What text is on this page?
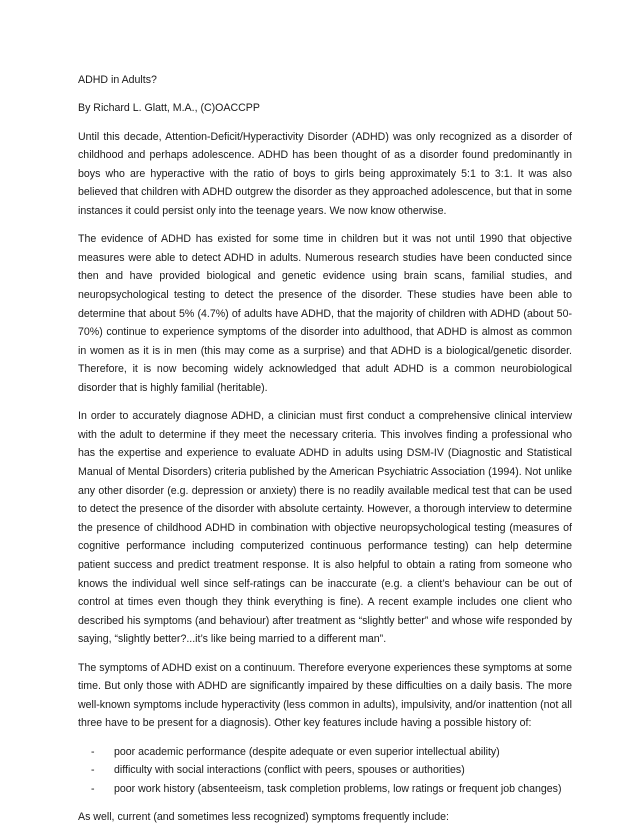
ADHD in Adults?

By Richard L. Glatt, M.A., (C)OACCPP

Until this decade, Attention-Deficit/Hyperactivity Disorder (ADHD) was only recognized as a disorder of childhood and perhaps adolescence. ADHD has been thought of as a disorder found predominantly in boys who are hyperactive with the ratio of boys to girls being approximately 5:1 to 3:1. It was also believed that children with ADHD outgrew the disorder as they approached adolescence, but that in some instances it could persist only into the teenage years. We now know otherwise.

The evidence of ADHD has existed for some time in children but it was not until 1990 that objective measures were able to detect ADHD in adults. Numerous research studies have been conducted since then and have provided biological and genetic evidence using brain scans, familial studies, and neuropsychological testing to detect the presence of the disorder. These studies have been able to determine that about 5% (4.7%) of adults have ADHD, that the majority of children with ADHD (about 50-70%) continue to experience symptoms of the disorder into adulthood, that ADHD is almost as common in women as it is in men (this may come as a surprise) and that ADHD is a biological/genetic disorder. Therefore, it is now becoming widely acknowledged that adult ADHD is a common neurobiological disorder that is highly familial (heritable).

In order to accurately diagnose ADHD, a clinician must first conduct a comprehensive clinical interview with the adult to determine if they meet the necessary criteria. This involves finding a professional who has the expertise and experience to evaluate ADHD in adults using DSM-IV (Diagnostic and Statistical Manual of Mental Disorders) criteria published by the American Psychiatric Association (1994). Not unlike any other disorder (e.g. depression or anxiety) there is no readily available medical test that can be used to detect the presence of the disorder with absolute certainty. However, a thorough interview to determine the presence of childhood ADHD in combination with objective neuropsychological testing (measures of cognitive performance including computerized continuous performance testing) can help determine patient success and predict treatment response. It is also helpful to obtain a rating from someone who knows the individual well since self-ratings can be inaccurate (e.g. a client’s behaviour can be out of control at times even though they think everything is fine). A recent example includes one client who described his symptoms (and behaviour) after treatment as “slightly better” and whose wife responded by saying, “slightly better?...it’s like being married to a different man”.

The symptoms of ADHD exist on a continuum. Therefore everyone experiences these symptoms at some time. But only those with ADHD are significantly impaired by these difficulties on a daily basis. The more well-known symptoms include hyperactivity (less common in adults), impulsivity, and/or inattention (not all three have to be present for a diagnosis). Other key features include having a possible history of:

- poor academic performance (despite adequate or even superior intellectual ability)
- difficulty with social interactions (conflict with peers, spouses or authorities)
- poor work history (absenteeism, task completion problems, low ratings or frequent job changes)

As well, current (and sometimes less recognized) symptoms frequently include:
